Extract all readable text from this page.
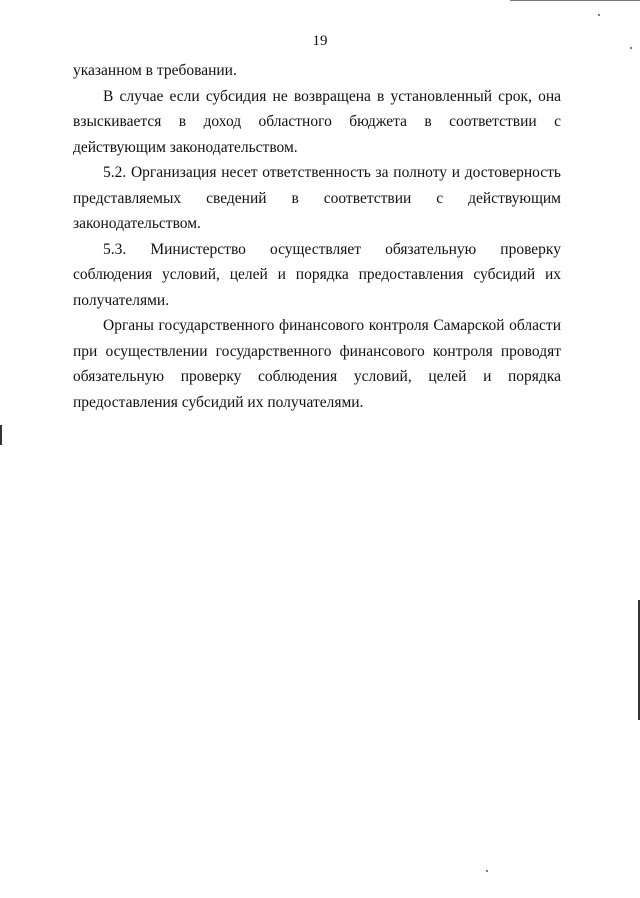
19

указанном в требовании.

В случае если субсидия не возвращена в установленный срок, она взыскивается в доход областного бюджета в соответствии с действующим законодательством.

5.2. Организация несет ответственность за полноту и достоверность представляемых сведений в соответствии с действующим законодательством.

5.3. Министерство осуществляет обязательную проверку соблюдения условий, целей и порядка предоставления субсидий их получателями.

Органы государственного финансового контроля Самарской области при осуществлении государственного финансового контроля проводят обязательную проверку соблюдения условий, целей и порядка предоставления субсидий их получателями.
